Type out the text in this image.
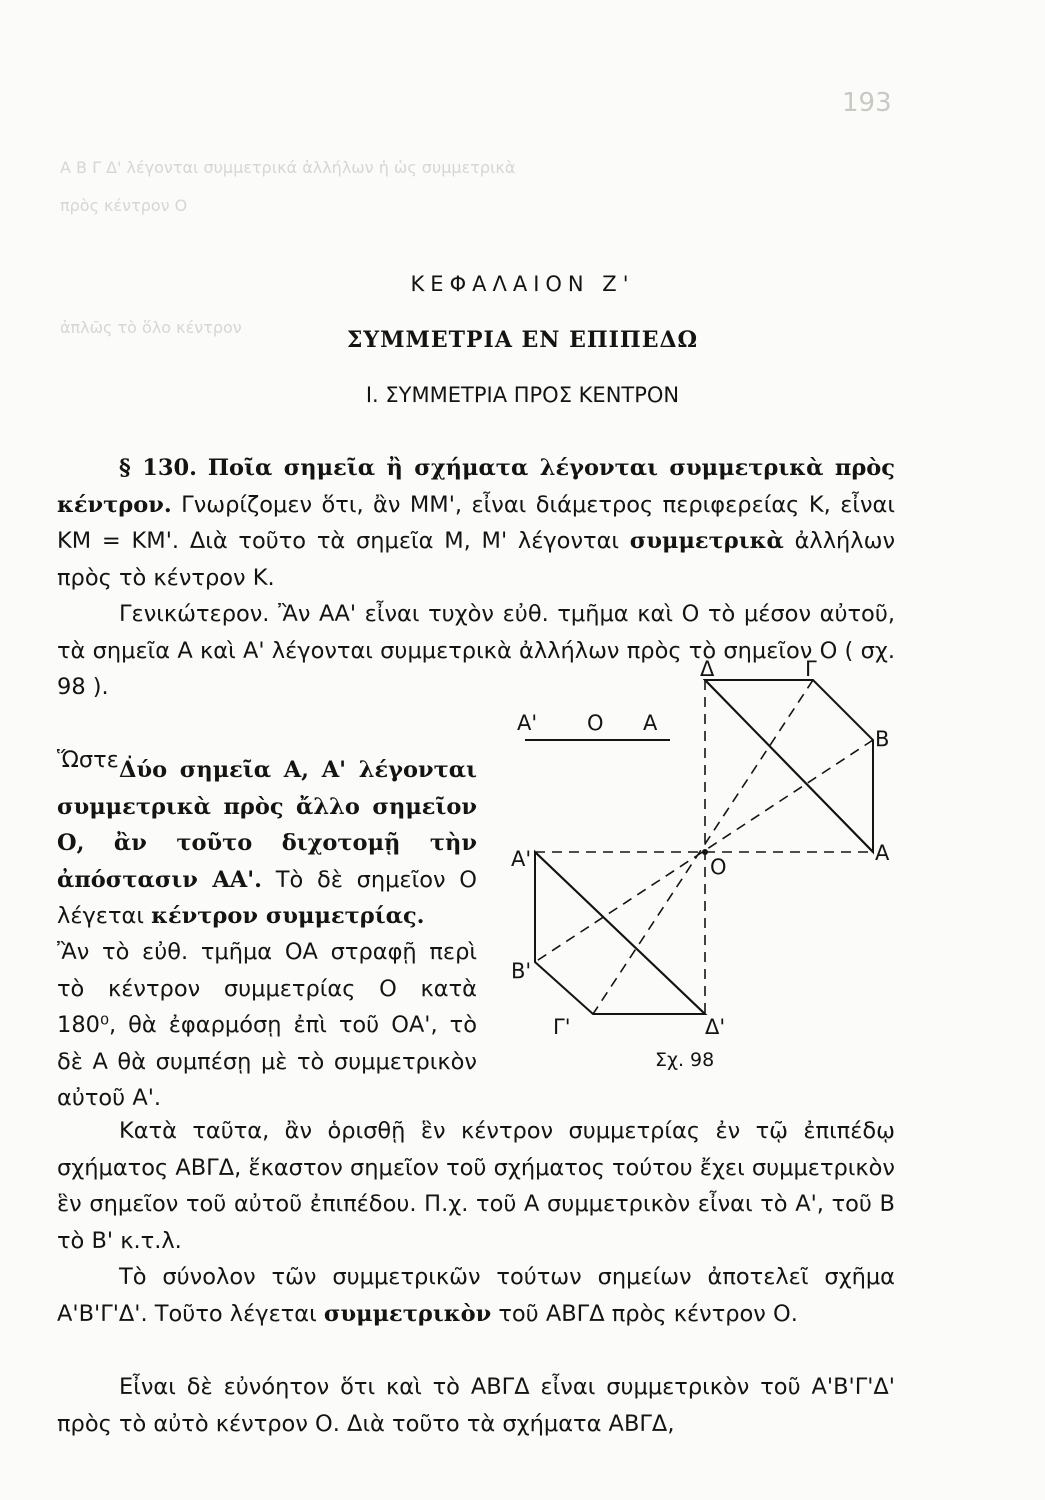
193
Α Β Γ Δ' λέγονται συμμετρικά ἀλλήλων ἡ ὡς συμμετρικὰ
πρὸς κέντρον Ο
ἀπλῶς τὸ ὅλο κέντρον
ΚΕΦΑΛΑΙΟΝ Ζ'
ΣΥΜΜΕΤΡΙΑ ΕΝ ΕΠΙΠΕΔΩ
Ι. ΣΥΜΜΕΤΡΙΑ ΠΡΟΣ ΚΕΝΤΡΟΝ

§ 130. Ποῖα σημεῖα ἢ σχήματα λέγονται συμμετρικὰ πρὸς κέντρον. Γνωρίζομεν ὅτι, ἂν ΜΜ', εἶναι διάμετρος περιφερείας Κ, εἶναι ΚΜ = ΚΜ'. Διὰ τοῦτο τὰ σημεῖα Μ, Μ' λέγονται συμμετρικὰ ἀλλήλων πρὸς τὸ κέντρον Κ.

Γενικώτερον. Ἂν ΑΑ' εἶναι τυχὸν εὐθ. τμῆμα καὶ Ο τὸ μέσον αὐτοῦ, τὰ σημεῖα Α καὶ Α' λέγονται συμμετρικὰ ἀλλήλων πρὸς τὸ σημεῖον Ο ( σχ. 98 ).

Ὥστε :

Δύο σημεῖα Α, Α' λέγονται συμμετρικὰ πρὸς ἄλλο σημεῖον Ο, ἂν τοῦτο διχοτομῇ τὴν ἀπόστασιν ΑΑ'. Τὸ δὲ σημεῖον Ο λέγεται κέντρον συμμετρίας.

Ἂν τὸ εὐθ. τμῆμα ΟΑ στραφῇ περὶ τὸ κέντρον συμμετρίας Ο κατὰ 180⁰, θὰ ἐφαρμόσῃ ἐπὶ τοῦ ΟΑ', τὸ δὲ Α θὰ συμπέσῃ μὲ τὸ συμμετρικὸν αὐτοῦ Α'.

Κατὰ ταῦτα, ἂν ὁρισθῇ ἓν κέντρον συμμετρίας ἐν τῷ ἐπιπέδῳ σχήματος ΑΒΓΔ, ἕκαστον σημεῖον τοῦ σχήματος τούτου ἔχει συμμετρικὸν ἓν σημεῖον τοῦ αὐτοῦ ἐπιπέδου. Π.χ. τοῦ Α συμμετρικὸν εἶναι τὸ Α', τοῦ Β τὸ Β' κ.τ.λ.

Τὸ σύνολον τῶν συμμετρικῶν τούτων σημείων ἀποτελεῖ σχῆμα Α'Β'Γ'Δ'. Τοῦτο λέγεται συμμετρικὸν τοῦ ΑΒΓΔ πρὸς κέντρον Ο.

Εἶναι δὲ εὐνόητον ὅτι καὶ τὸ ΑΒΓΔ εἶναι συμμετρικὸν τοῦ Α'Β'Γ'Δ' πρὸς τὸ αὐτὸ κέντρον Ο. Διὰ τοῦτο τὰ σχήματα ΑΒΓΔ,

Α' Ο Α
Δ	Γ
Β
Α
Α'	Ο
Β'
Γ'	Δ'
Σχ. 98
